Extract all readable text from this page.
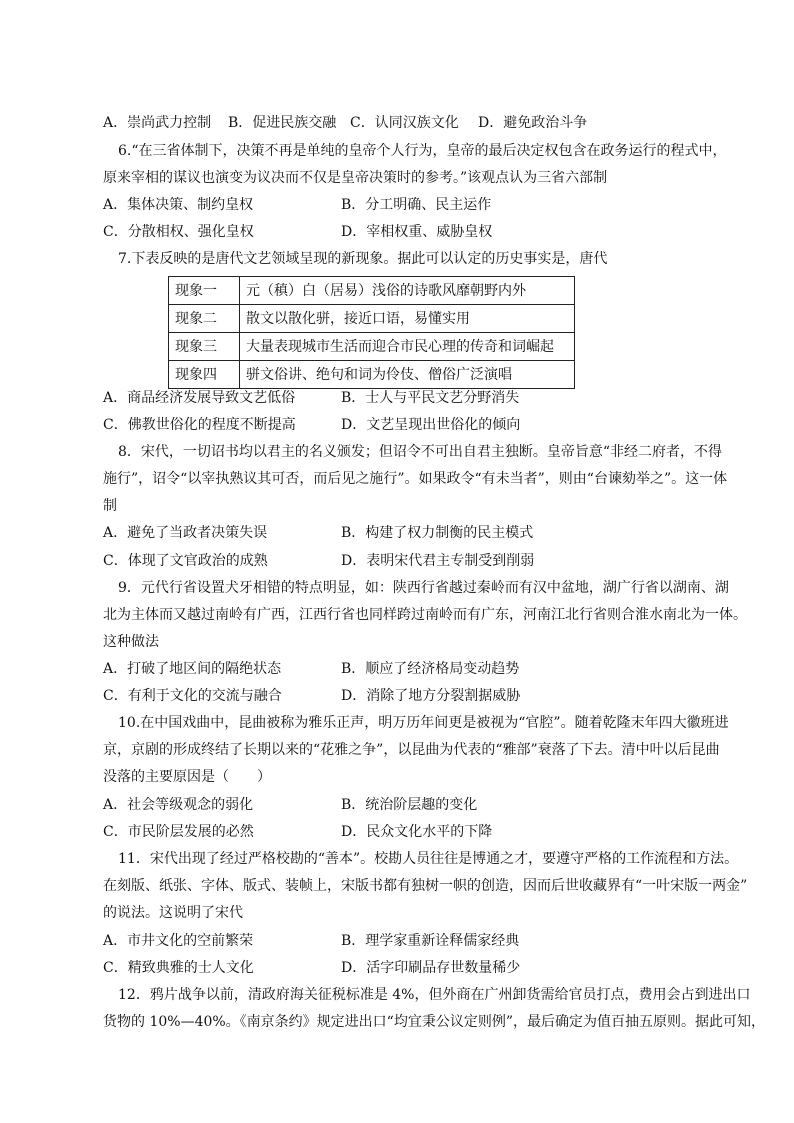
A．崇尚武力控制 B．促进民族交融 C．认同汉族文化 D．避免政治斗争
6.“在三省体制下，决策不再是单纯的皇帝个人行为，皇帝的最后决定权包含在政务运行的程式中，
原来宰相的谋议也演变为议决而不仅是皇帝决策时的参考。”该观点认为三省六部制
A．集体决策、制约皇权	B．分工明确、民主运作
C．分散相权、强化皇权	D．宰相权重、威胁皇权
7.下表反映的是唐代文艺领域呈现的新现象。据此可以认定的历史事实是，唐代
现象一	元（稹）白（居易）浅俗的诗歌风靡朝野内外
现象二	散文以散化骈，接近口语，易懂实用
现象三	大量表现城市生活而迎合市民心理的传奇和词崛起
现象四	骈文俗讲、绝句和词为伶伎、僧俗广泛演唱
A．商品经济发展导致文艺低俗	B．士人与平民文艺分野消失
C．佛教世俗化的程度不断提高	D．文艺呈现出世俗化的倾向
8．宋代，一切诏书均以君主的名义颁发；但诏令不可出自君主独断。皇帝旨意“非经二府者，不得
施行”，诏令“以宰执熟议其可否，而后见之施行”。如果政令“有未当者”，则由“台谏劾举之”。这一体
制
A．避免了当政者决策失误	B．构建了权力制衡的民主模式
C．体现了文官政治的成熟	D．表明宋代君主专制受到削弱
9．元代行省设置犬牙相错的特点明显，如：陕西行省越过秦岭而有汉中盆地，湖广行省以湖南、湖
北为主体而又越过南岭有广西，江西行省也同样跨过南岭而有广东，河南江北行省则合淮水南北为一体。
这种做法
A．打破了地区间的隔绝状态	B．顺应了经济格局变动趋势
C．有利于文化的交流与融合	D．消除了地方分裂割据威胁
10.在中国戏曲中，昆曲被称为雅乐正声，明万历年间更是被视为“官腔”。随着乾隆末年四大徽班进
京，京剧的形成终结了长期以来的“花雅之争”，以昆曲为代表的“雅部”衰落了下去。清中叶以后昆曲
没落的主要原因是（　　）
A．社会等级观念的弱化	B．统治阶层趣的变化
C．市民阶层发展的必然	D．民众文化水平的下降
11．宋代出现了经过严格校勘的“善本”。校勘人员往往是博通之才，要遵守严格的工作流程和方法。
在刻版、纸张、字体、版式、装帧上，宋版书都有独树一帜的创造，因而后世收藏界有“一叶宋版一两金”
的说法。这说明了宋代
A．市井文化的空前繁荣	B．理学家重新诠释儒家经典
C．精致典雅的士人文化	D．活字印刷品存世数量稀少
12．鸦片战争以前，清政府海关征税标准是 4%，但外商在广州卸货需给官员打点，费用会占到进出口
货物的 10%—40%。《南京条约》规定进出口“均宜秉公议定则例”，最后确定为值百抽五原则。据此可知，
